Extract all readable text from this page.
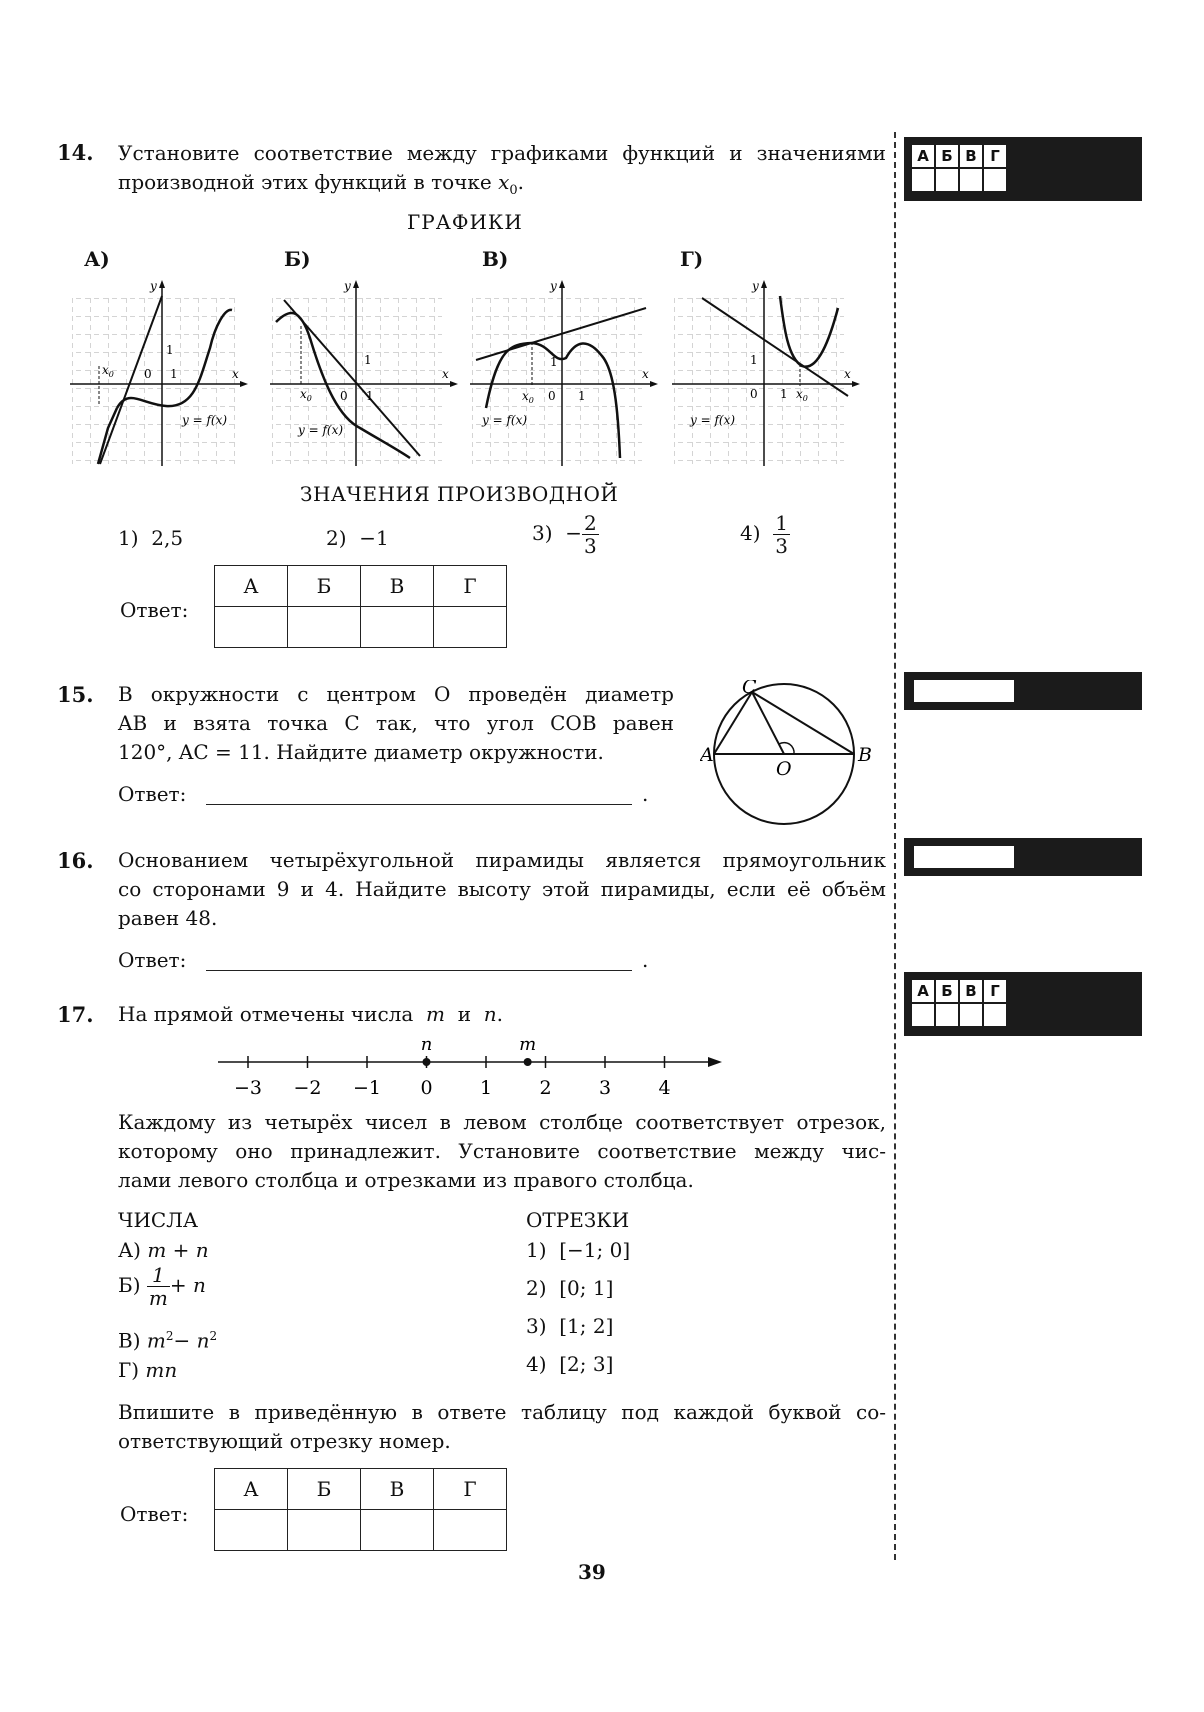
14. Установите соответствие между графиками функций и значениями
производной этих функций в точке $x_0$.
ГРАФИКИ
А)	Б)	В)	Г)
0 1
1
$x_0$
y
x
y = f(x)
0 1
1
$x_0$
y
x
y = f(x)
0 1
1
$x_0$
y
x
y = f(x)
0 1
1
$x_0$
y
x
y = f(x)
ЗНАЧЕНИЯ ПРОИЗВОДНОЙ
1) 2,5	2) −1	$3) - \frac{2}{3}$	$4) \frac{1}{3}$
Ответ:
А	Б	В	Г

15. В окружности с центром O проведён диаметр
AB и взята точка C так, что угол COB равен
120°, AC = 11. Найдите диаметр окружности.
Ответ:	.
C
A	B
O
16. Основанием четырёхугольной пирамиды является прямоугольник
со сторонами 9 и 4. Найдите высоту этой пирамиды, если её объём
равен 48.
Ответ:	.
17. На прямой отмечены числа m и n.
−3 −2 −1 0 1 2 3 4
n	m
Каждому из четырёх чисел в левом столбце соответствует отрезок,
которому оно принадлежит. Установите соответствие между чис-
лами левого столбца и отрезками из правого столбца.
ЧИСЛА	ОТРЕЗКИ
А) m + n
$Б) \frac{1}{m} + n$
В) $m^2- n^2$
Г) mn
1) [−1; 0]
2) [0; 1]
3) [1; 2]
4) [2; 3]
Впишите в приведённую в ответе таблицу под каждой буквой со-
ответствующий отрезку номер.
Ответ:
А	Б	В	Г

39
А Б В Г
А Б В Г
